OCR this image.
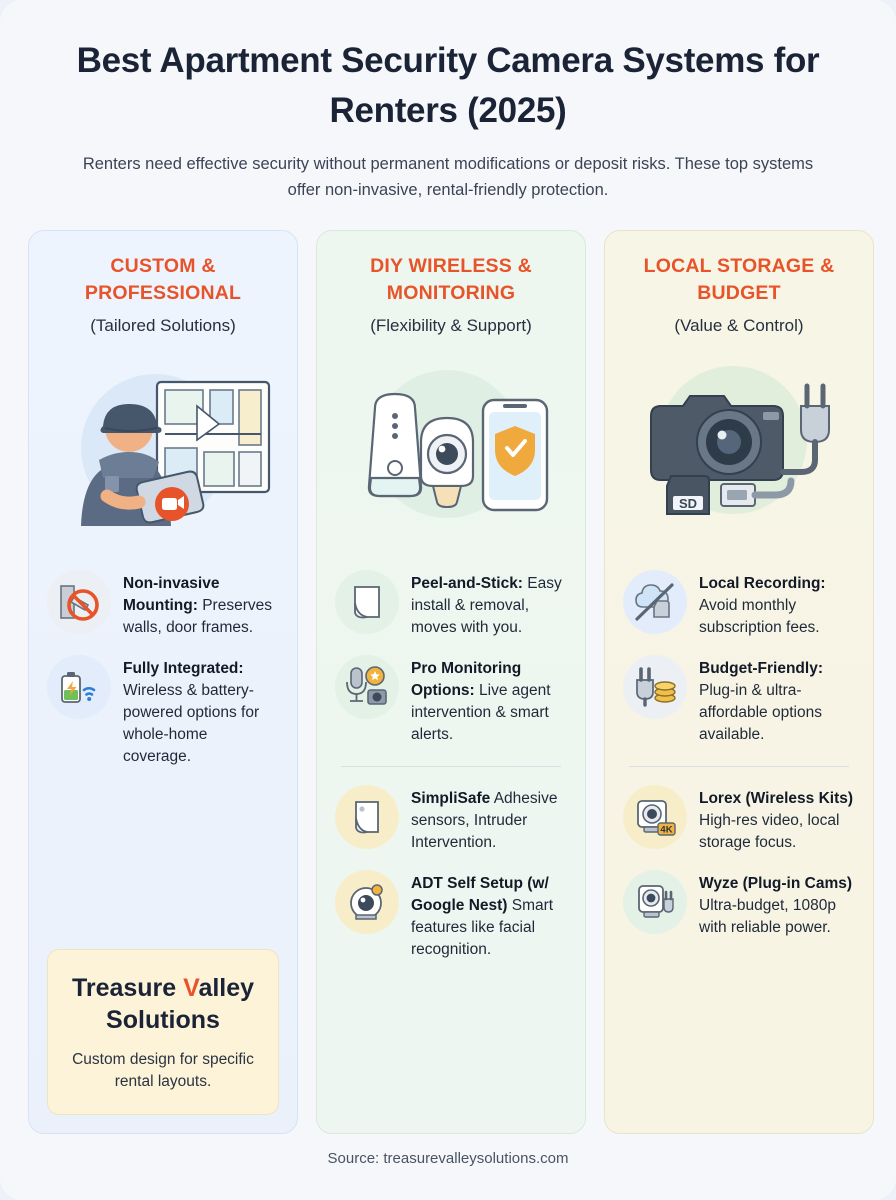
Best Apartment Security Camera Systems for Renters (2025)

Renters need effective security without permanent modifications or deposit risks. These top systems offer non-invasive, rental-friendly protection.

CUSTOM & PROFESSIONAL
(Tailored Solutions)
Non-invasive Mounting: Preserves walls, door frames.
Fully Integrated: Wireless & battery-powered options for whole-home coverage.
Treasure Valley
Solutions
Custom design for specific rental layouts.
DIY WIRELESS & MONITORING
(Flexibility & Support)
Peel-and-Stick: Easy install & removal, moves with you.
Pro Monitoring Options: Live agent intervention & smart alerts.
SimpliSafe Adhesive sensors, Intruder Intervention.
ADT Self Setup (w/ Google Nest) Smart features like facial recognition.
LOCAL STORAGE & BUDGET
(Value & Control)
SD
Local Recording: Avoid monthly subscription fees.
Budget-Friendly: Plug-in & ultra-affordable options available.
4K
Lorex (Wireless Kits) High-res video, local storage focus.
Wyze (Plug-in Cams) Ultra-budget, 1080p with reliable power.
Source: treasurevalleysolutions.com
